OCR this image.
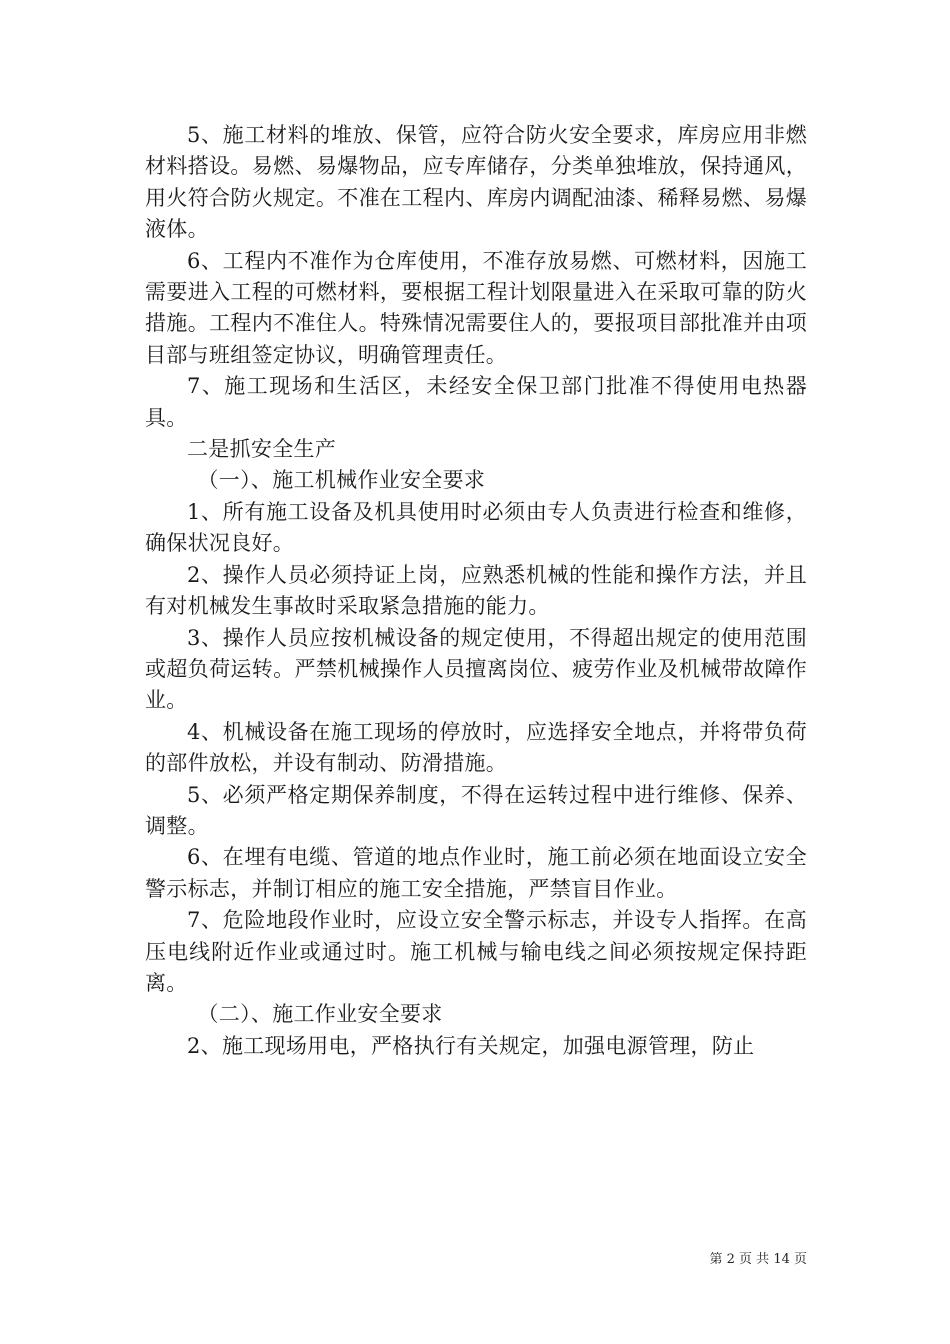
5、施工材料的堆放、保管，应符合防火安全要求，库房应用非燃材料搭设。易燃、易爆物品，应专库储存，分类单独堆放，保持通风，用火符合防火规定。不准在工程内、库房内调配油漆、稀释易燃、易爆液体。

6、工程内不准作为仓库使用，不准存放易燃、可燃材料，因施工需要进入工程的可燃材料，要根据工程计划限量进入在采取可靠的防火措施。工程内不准住人。特殊情况需要住人的，要报项目部批准并由项目部与班组签定协议，明确管理责任。

7、施工现场和生活区，未经安全保卫部门批准不得使用电热器具。

二是抓安全生产

（一）、施工机械作业安全要求

1、所有施工设备及机具使用时必须由专人负责进行检查和维修，确保状况良好。

2、操作人员必须持证上岗，应熟悉机械的性能和操作方法，并且有对机械发生事故时采取紧急措施的能力。

3、操作人员应按机械设备的规定使用，不得超出规定的使用范围或超负荷运转。严禁机械操作人员擅离岗位、疲劳作业及机械带故障作业。

4、机械设备在施工现场的停放时，应选择安全地点，并将带负荷的部件放松，并设有制动、防滑措施。

5、必须严格定期保养制度，不得在运转过程中进行维修、保养、调整。

6、在埋有电缆、管道的地点作业时，施工前必须在地面设立安全警示标志，并制订相应的施工安全措施，严禁盲目作业。

7、危险地段作业时，应设立安全警示标志，并设专人指挥。在高压电线附近作业或通过时。施工机械与输电线之间必须按规定保持距离。

（二）、施工作业安全要求

2、施工现场用电，严格执行有关规定，加强电源管理，防止

第 2 页 共 14 页
